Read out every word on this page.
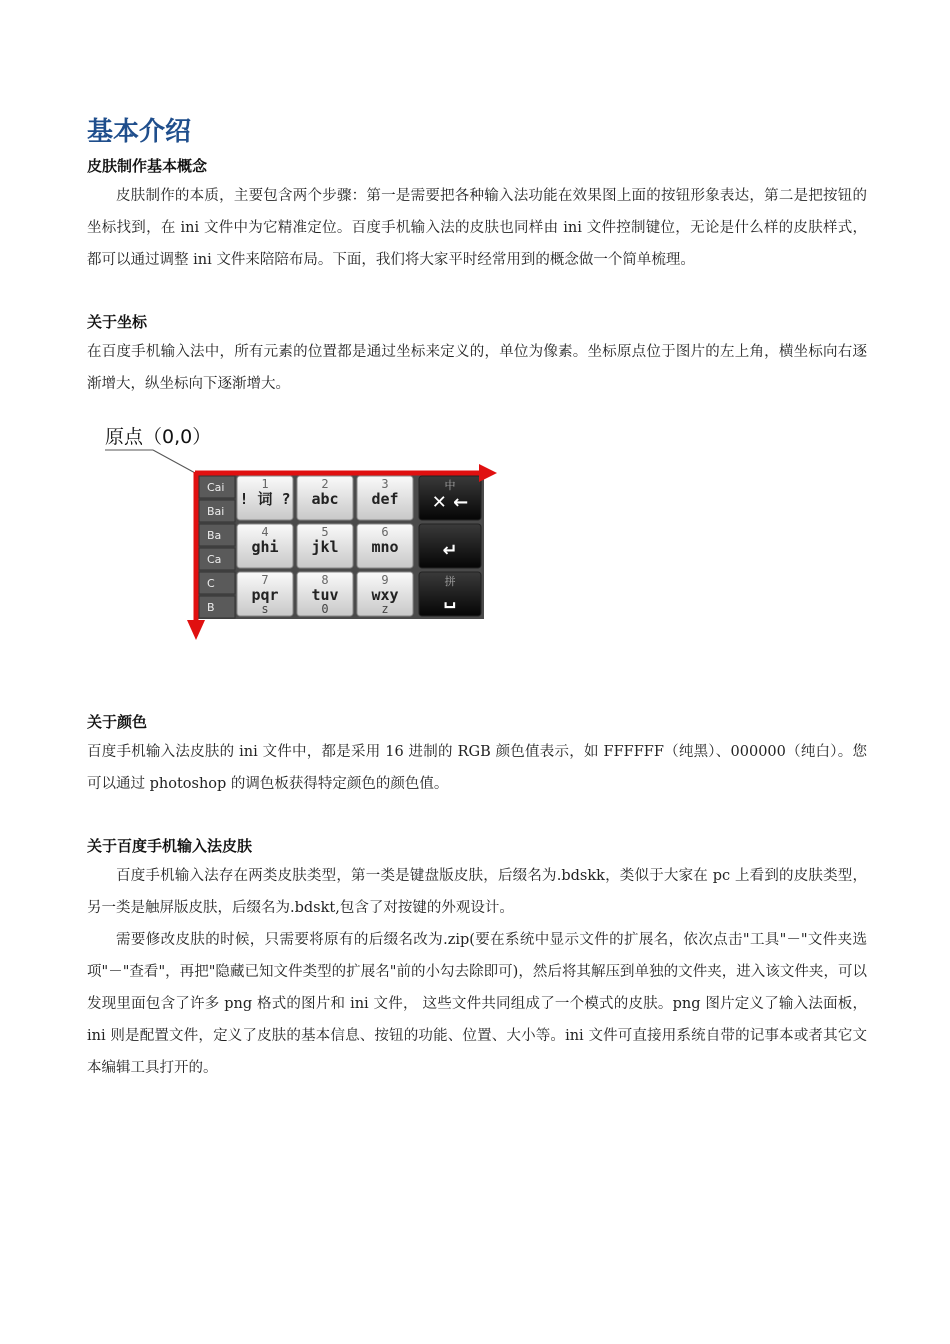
基本介绍
皮肤制作基本概念

皮肤制作的本质，主要包含两个步骤：第一是需要把各种输入法功能在效果图上面的按钮形象表达，第二是把按钮的坐标找到，在 ini 文件中为它精准定位。百度手机输入法的皮肤也同样由 ini 文件控制键位，无论是什么样的皮肤样式，都可以通过调整 ini 文件来陪陪布局。下面，我们将大家平时经常用到的概念做一个简单梳理。

关于坐标

在百度手机输入法中，所有元素的位置都是通过坐标来定义的，单位为像素。坐标原点位于图片的左上角，横坐标向右逐渐增大，纵坐标向下逐渐增大。

原点（0,0）
Cai
Bai
Ba
Ca
C
B
1
! 词 ?
2
abc
3
def
4
ghi
5
jkl
6
mno
7
pqr
s
8
tuv
0
9
wxy
z
中
✕ ←
↵
拼
␣
关于颜色

百度手机输入法皮肤的 ini 文件中，都是采用 16 进制的 RGB 颜色值表示，如 FFFFFF（纯黑）、000000（纯白）。您可以通过 photoshop 的调色板获得特定颜色的颜色值。

关于百度手机输入法皮肤

百度手机输入法存在两类皮肤类型，第一类是键盘版皮肤，后缀名为.bdskk，类似于大家在 pc 上看到的皮肤类型，另一类是触屏版皮肤，后缀名为.bdskt,包含了对按键的外观设计。

需要修改皮肤的时候，只需要将原有的后缀名改为.zip(要在系统中显示文件的扩展名，依次点击"工具"－"文件夹选项"－"查看"，再把"隐藏已知文件类型的扩展名"前的小勾去除即可)，然后将其解压到单独的文件夹，进入该文件夹，可以发现里面包含了许多 png 格式的图片和 ini 文件， 这些文件共同组成了一个模式的皮肤。png 图片定义了输入法面板，ini 则是配置文件，定义了皮肤的基本信息、按钮的功能、位置、大小等。ini 文件可直接用系统自带的记事本或者其它文本编辑工具打开的。
